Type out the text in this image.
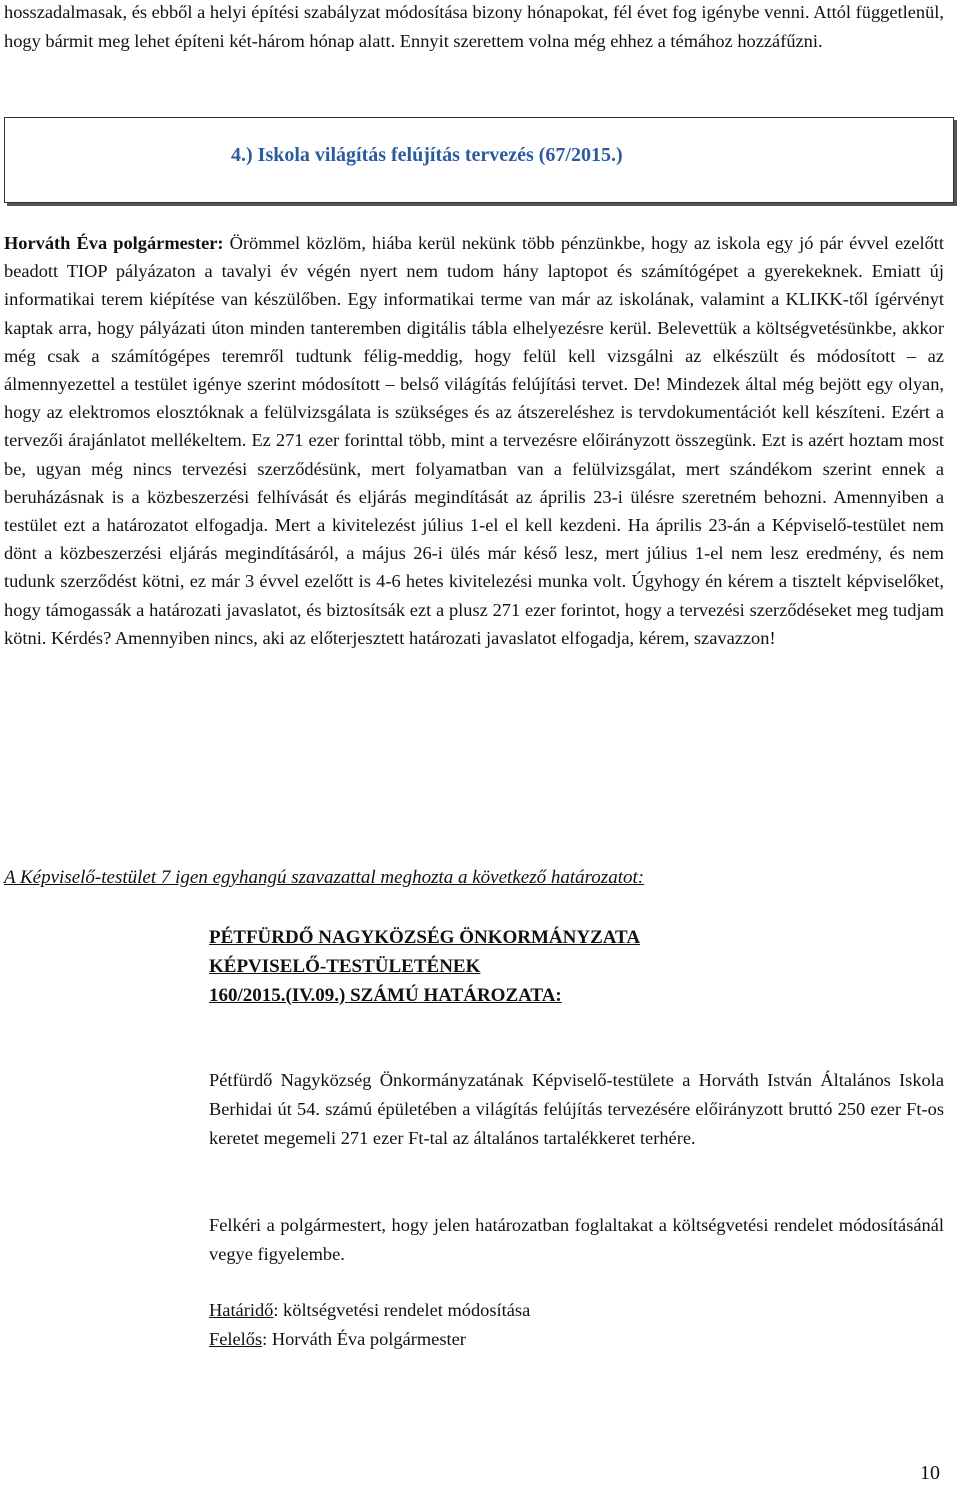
hosszadalmasak, és ebből a helyi építési szabályzat módosítása bizony hónapokat, fél évet fog igénybe venni. Attól függetlenül, hogy bármit meg lehet építeni két-három hónap alatt. Ennyit szerettem volna még ehhez a témához hozzáfűzni.
4.) Iskola világítás felújítás tervezés (67/2015.)

Horváth Éva polgármester: Örömmel közlöm, hiába kerül nekünk több pénzünkbe, hogy az iskola egy jó pár évvel ezelőtt beadott TIOP pályázaton a tavalyi év végén nyert nem tudom hány laptopot és számítógépet a gyerekeknek. Emiatt új informatikai terem kiépítése van készülőben. Egy informatikai terme van már az iskolának, valamint a KLIKK-től ígérvényt kaptak arra, hogy pályázati úton minden tanteremben digitális tábla elhelyezésre kerül. Belevettük a költségvetésünkbe, akkor még csak a számítógépes teremről tudtunk félig-meddig, hogy felül kell vizsgálni az elkészült és módosított – az álmennyezettel a testület igénye szerint módosított – belső világítás felújítási tervet. De! Mindezek által még bejött egy olyan, hogy az elektromos elosztóknak a felülvizsgálata is szükséges és az átszereléshez is tervdokumentációt kell készíteni. Ezért a tervezői árajánlatot mellékeltem. Ez 271 ezer forinttal több, mint a tervezésre előirányzott összegünk. Ezt is azért hoztam most be, ugyan még nincs tervezési szerződésünk, mert folyamatban van a felülvizsgálat, mert szándékom szerint ennek a beruházásnak is a közbeszerzési felhívását és eljárás megindítását az április 23-i ülésre szeretném behozni. Amennyiben a testület ezt a határozatot elfogadja. Mert a kivitelezést július 1-el el kell kezdeni. Ha április 23-án a Képviselő-testület nem dönt a közbeszerzési eljárás megindításáról, a május 26-i ülés már késő lesz, mert július 1-el nem lesz eredmény, és nem tudunk szerződést kötni, ez már 3 évvel ezelőtt is 4-6 hetes kivitelezési munka volt. Úgyhogy én kérem a tisztelt képviselőket, hogy támogassák a határozati javaslatot, és biztosítsák ezt a plusz 271 ezer forintot, hogy a tervezési szerződéseket meg tudjam kötni. Kérdés? Amennyiben nincs, aki az előterjesztett határozati javaslatot elfogadja, kérem, szavazzon!

A Képviselő-testület 7 igen egyhangú szavazattal meghozta a következő határozatot:
PÉTFÜRDŐ NAGYKÖZSÉG ÖNKORMÁNYZATA
KÉPVISELŐ-TESTÜLETÉNEK
160/2015.(IV.09.) SZÁMÚ HATÁROZATA:
Pétfürdő Nagyközség Önkormányzatának Képviselő-testülete a Horváth István Általános Iskola Berhidai út 54. számú épületében a világítás felújítás tervezésére előirányzott bruttó 250 ezer Ft-os keretet megemeli 271 ezer Ft-tal az általános tartalékkeret terhére.
Felkéri a polgármestert, hogy jelen határozatban foglaltakat a költségvetési rendelet módosításánál vegye figyelembe.
Határidő: költségvetési rendelet módosítása
Felelős: Horváth Éva polgármester
10
